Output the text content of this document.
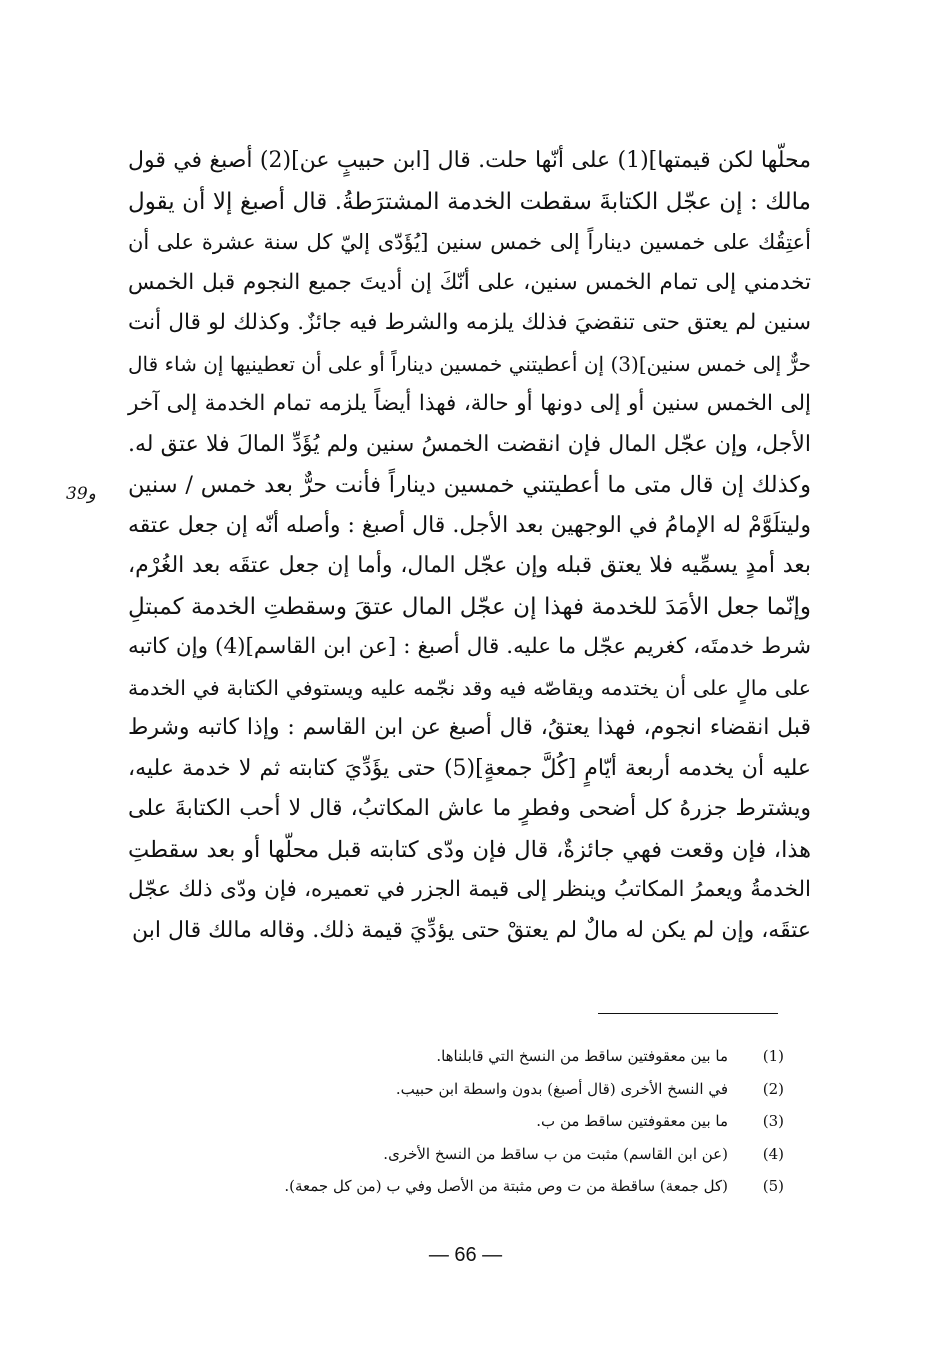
محلّها لكن قيمتها](1) على أنّها حلت. قال [ابن حبيبٍ عن](2) أصبغ في قول
مالك : إن عجّل الكتابةَ سقطت الخدمة المشترَطةُ. قال أصبغ إلا أن يقول
أعتِقُك على خمسين ديناراً إلى خمس سنين [يُؤَدّى إليّ كل سنة عشرة على أن
تخدمني إلى تمام الخمس سنين، على أنّكَ إن أديتَ جميع النجوم قبل الخمس
سنين لم يعتق حتى تنقضيَ فذلك يلزمه والشرط فيه جائزٌ. وكذلك لو قال أنت
حرٌّ إلى خمس سنين](3) إن أعطيتني خمسين ديناراً أو على أن تعطينيها إن شاء قال
إلى الخمس سنين أو إلى دونها أو حالة، فهذا أيضاً يلزمه تمام الخدمة إلى آخر
الأجل، وإن عجّل المال فإن انقضت الخمسُ سنين ولم يُؤَدِّ المالَ فلا عتق له.
وكذلك إن قال متى ما أعطيتني خمسين ديناراً فأنت حرٌّ بعد خمس / سنين
وليتلَوَّمْ له الإمامُ في الوجهين بعد الأجل. قال أصبغ : وأصله أنّه إن جعل عتقه
بعد أمدٍ يسمِّيه فلا يعتق قبله وإن عجّل المال، وأما إن جعل عتقَه بعد الغُرْم،
وإنّما جعل الأمَدَ للخدمة فهذا إن عجّل المال عتقَ وسقطتِ الخدمة كمبتلِ
شرط خدمتَه، كغريم عجّل ما عليه. قال أصبغ : [عن ابن القاسم](4) وإن كاتبه
على مالٍ على أن يختدمه ويقاصّه فيه وقد نجّمه عليه ويستوفي الكتابة في الخدمة
قبل انقضاء انجوم، فهذا يعتقُ، قال أصبغ عن ابن القاسم : وإذا كاتبه وشرط
عليه أن يخدمه أربعة أيّامٍ [كُلَّ جمعةٍ](5) حتى يؤَدِّيَ كتابته ثم لا خدمة عليه،
ويشترط جزرهُ كل أضحى وفطرٍ ما عاش المكاتبُ، قال لا أحب الكتابةَ على
هذا، فإن وقعت فهي جائزةٌ، قال فإن ودّى كتابته قبل محلّها أو بعد سقطتِ
الخدمةُ ويعمرُ المكاتبُ وينظر إلى قيمة الجزر في تعميره، فإن ودّى ذلك عجّل
عتقَه، وإن لم يكن له مالٌ لم يعتقْ حتى يؤدِّيَ قيمة ذلك. وقاله مالك قال ابن
39و
(1)
ما بين معقوفتين ساقط من النسخ التي قابلناها.
(2)
في النسخ الأخرى (قال أصبغ) بدون واسطة ابن حبيب.
(3)
ما بين معقوفتين ساقط من ب.
(4)
(عن ابن القاسم) مثبت من ب ساقط من النسخ الأخرى.
(5)
(كل جمعة) ساقطة من ت وص مثبتة من الأصل وفي ب (من كل جمعة).
— 66 —
